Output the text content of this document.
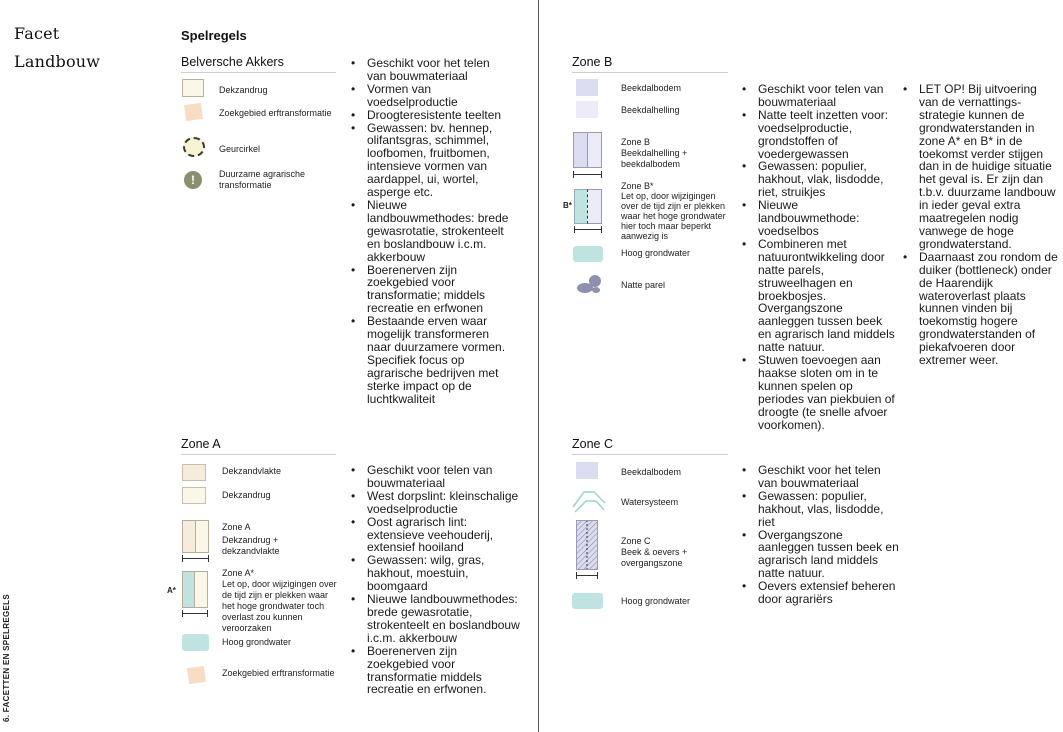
Facet
Landbouw
6. FACETTEN EN SPELREGELS
Spelregels
Belversche Akkers
Dekzandrug
Zoekgebied erftransformatie
Geurcirkel
!	Duurzame agrarische transformatie
• Geschikt voor het telen van bouwmateriaal
• Vormen van voedselproductie
• Droogteresistente teelten
• Gewassen: bv. hennep, olifantsgras, schimmel, loofbomen, fruitbomen, intensieve vormen van aardappel, ui, wortel, asperge etc.
• Nieuwe landbouwmethodes: brede gewasrotatie, strokenteelt en boslandbouw i.c.m. akkerbouw
• Boerenerven zijn zoekgebied voor transformatie; middels recreatie en erfwonen
• Bestaande erven waar mogelijk transformeren naar duurzamere vormen. Specifiek focus op agrarische bedrijven met sterke impact op de luchtkwaliteit
Zone A
Dekzandvlakte
Dekzandrug
Zone A
Dekzandrug + dekzandvlakte
A*
Zone A*
Let op, door wijzigingen over de tijd zijn er plekken waar het hoge grondwater toch overlast zou kunnen veroorzaken
Hoog grondwater
Zoekgebied erftransformatie
• Geschikt voor telen van bouwmateriaal
• West dorpslint: kleinschalige voedselproductie
• Oost agrarisch lint: extensieve veehouderij, extensief hooiland
• Gewassen: wilg, gras, hakhout, moestuin, boomgaard
• Nieuwe landbouwmethodes: brede gewasrotatie, strokenteelt en boslandbouw i.c.m. akkerbouw
• Boerenerven zijn zoekgebied voor transformatie middels recreatie en erfwonen.
Zone B
Beekdalbodem
Beekdalhelling
Zone B
Beekdalhelling + beekdalbodem
B*
Zone B*
Let op, door wijzigingen over de tijd zijn er plekken waar het hoge grondwater hier toch maar beperkt aanwezig is
Hoog grondwater
Natte parel
• Geschikt voor telen van bouwmateriaal
• Natte teelt inzetten voor: voedselproductie, grondstoffen of voedergewassen
• Gewassen: populier, hakhout, vlak, lisdodde, riet, struikjes
• Nieuwe landbouwmethode: voedselbos
• Combineren met natuurontwikkeling door natte parels, struweelhagen en broekbosjes. Overgangszone aanleggen tussen beek en agrarisch land middels natte natuur.
• Stuwen toevoegen aan haakse sloten om in te kunnen spelen op periodes van piekbuien of droogte (te snelle afvoer voorkomen).
• LET OP! Bij uitvoering van de vernattings-strategie kunnen de grondwaterstanden in zone A* en B* in de toekomst verder stijgen dan in de huidige situatie het geval is. Er zijn dan t.b.v. duurzame landbouw in ieder geval extra maatregelen nodig vanwege de hoge grondwaterstand.
• Daarnaast zou rondom de duiker (bottleneck) onder de Haarendijk wateroverlast plaats kunnen vinden bij toekomstig hogere grondwaterstanden of piekafvoeren door extremer weer.
Zone C
Beekdalbodem
Watersysteem
Zone C
Beek & oevers + overgangszone
Hoog grondwater
• Geschikt voor het telen van bouwmateriaal
• Gewassen: populier, hakhout, vlas, lisdodde, riet
• Overgangszone aanleggen tussen beek en agrarisch land middels natte natuur.
• Oevers extensief beheren door agrariërs
